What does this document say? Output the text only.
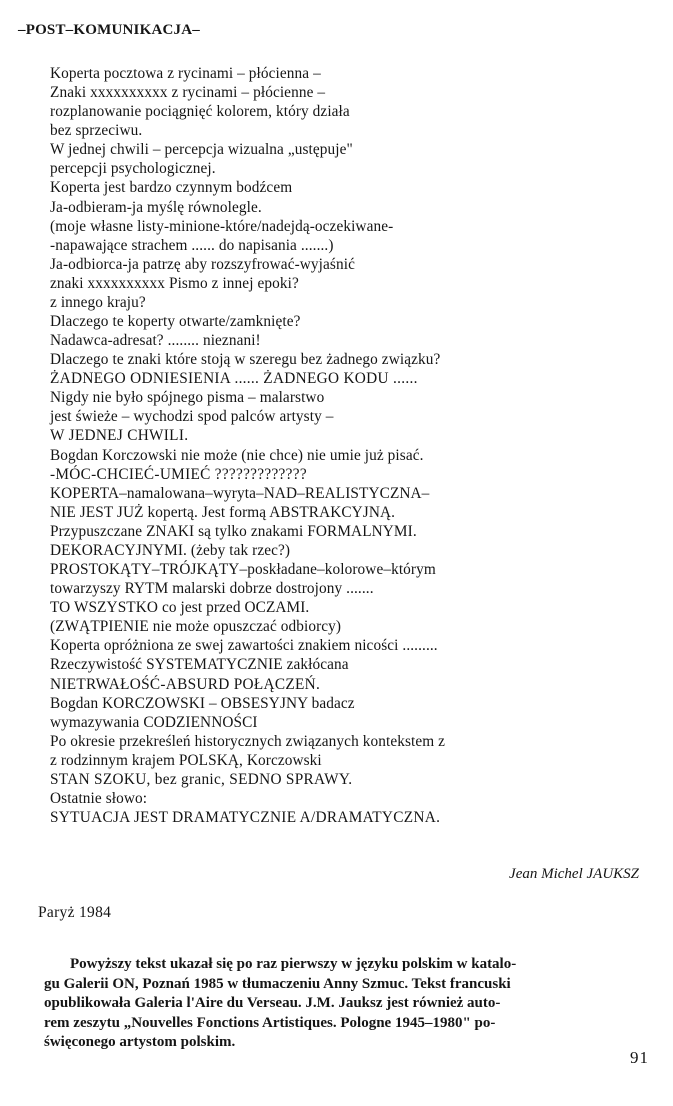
–POST–KOMUNIKACJA–
Koperta pocztowa z rycinami – płócienna –
Znaki xxxxxxxxxx z rycinami – płócienne –
rozplanowanie pociągnięć kolorem, który działa
bez sprzeciwu.
W jednej chwili – percepcja wizualna „ustępuje"
percepcji psychologicznej.
Koperta jest bardzo czynnym bodźcem
Ja-odbieram-ja myślę równolegle.
(moje własne listy-minione-które/nadejdą-oczekiwane-
-napawające strachem ...... do napisania .......)
Ja-odbiorca-ja patrzę aby rozszyfrować-wyjaśnić
znaki xxxxxxxxxx Pismo z innej epoki?
z innego kraju?
Dlaczego te koperty otwarte/zamknięte?
Nadawca-adresat? ........ nieznani!
Dlaczego te znaki które stoją w szeregu bez żadnego związku?
ŻADNEGO ODNIESIENIA ...... ŻADNEGO KODU ......
Nigdy nie było spójnego pisma – malarstwo
jest świeże – wychodzi spod palców artysty –
W JEDNEJ CHWILI.
Bogdan Korczowski nie może (nie chce) nie umie już pisać.
-MÓC-CHCIEĆ-UMIEĆ ?????????????
KOPERTA–namalowana–wyryta–NAD–REALISTYCZNA–
NIE JEST JUŻ kopertą. Jest formą ABSTRAKCYJNĄ.
Przypuszczane ZNAKI są tylko znakami FORMALNYMI.
DEKORACYJNYMI. (żeby tak rzec?)
PROSTOKĄTY–TRÓJKĄTY–poskładane–kolorowe–którym
towarzyszy RYTM malarski dobrze dostrojony .......
TO WSZYSTKO co jest przed OCZAMI.
(ZWĄTPIENIE nie może opuszczać odbiorcy)
Koperta opróżniona ze swej zawartości znakiem nicości .........
Rzeczywistość SYSTEMATYCZNIE zakłócana
NIETRWAŁOŚĆ-ABSURD POŁĄCZEŃ.
Bogdan KORCZOWSKI – OBSESYJNY badacz
wymazywania CODZIENNOŚCI
Po okresie przekreśleń historycznych związanych kontekstem z
z rodzinnym krajem POLSKĄ, Korczowski
STAN SZOKU, bez granic, SEDNO SPRAWY.
Ostatnie słowo:
SYTUACJA JEST DRAMATYCZNIE A/DRAMATYCZNA.
Jean Michel JAUKSZ
Paryż 1984
Powyższy tekst ukazał się po raz pierwszy w języku polskim w katalo-
gu Galerii ON, Poznań 1985 w tłumaczeniu Anny Szmuc. Tekst francuski
opublikowała Galeria l'Aire du Verseau. J.M. Jauksz jest również auto-
rem zeszytu „Nouvelles Fonctions Artistiques. Pologne 1945–1980" po-
święconego artystom polskim.
91
